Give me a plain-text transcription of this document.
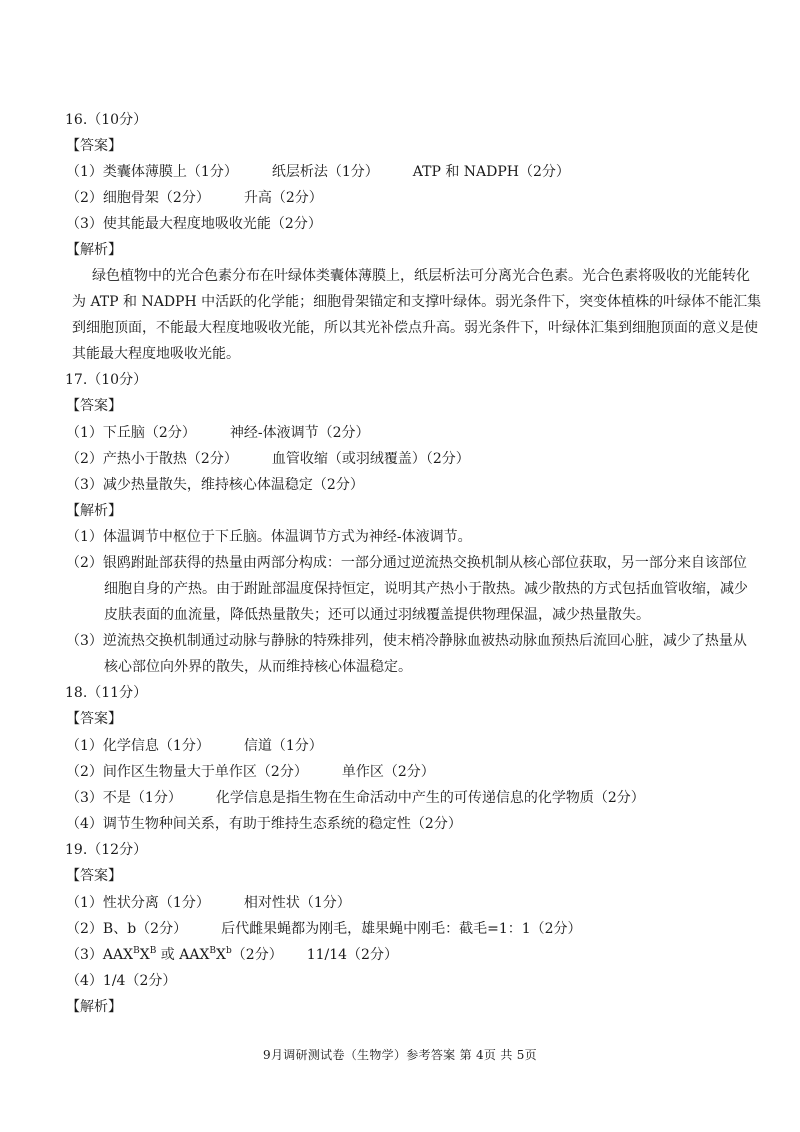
16.（10分）
【答案】
（1）类囊体薄膜上（1分） 纸层析法（1分） ATP 和 NADPH（2分）
（2）细胞骨架（2分） 升高（2分）
（3）使其能最大程度地吸收光能（2分）
【解析】
绿色植物中的光合色素分布在叶绿体类囊体薄膜上，纸层析法可分离光合色素。光合色素将吸收的光能转化
为 ATP 和 NADPH 中活跃的化学能；细胞骨架锚定和支撑叶绿体。弱光条件下，突变体植株的叶绿体不能汇集
到细胞顶面，不能最大程度地吸收光能，所以其光补偿点升高。弱光条件下，叶绿体汇集到细胞顶面的意义是使
其能最大程度地吸收光能。
17.（10分）
【答案】
（1）下丘脑（2分） 神经-体液调节（2分）
（2）产热小于散热（2分） 血管收缩（或羽绒覆盖）（2分）
（3）减少热量散失，维持核心体温稳定（2分）
【解析】
（1）体温调节中枢位于下丘脑。体温调节方式为神经-体液调节。
（2）银鸥跗趾部获得的热量由两部分构成：一部分通过逆流热交换机制从核心部位获取，另一部分来自该部位
细胞自身的产热。由于跗趾部温度保持恒定，说明其产热小于散热。减少散热的方式包括血管收缩，减少
皮肤表面的血流量，降低热量散失；还可以通过羽绒覆盖提供物理保温，减少热量散失。
（3）逆流热交换机制通过动脉与静脉的特殊排列，使末梢冷静脉血被热动脉血预热后流回心脏，减少了热量从
核心部位向外界的散失，从而维持核心体温稳定。
18.（11分）
【答案】
（1）化学信息（1分） 信道（1分）
（2）间作区生物量大于单作区（2分） 单作区（2分）
（3）不是（1分） 化学信息是指生物在生命活动中产生的可传递信息的化学物质（2分）
（4）调节生物种间关系，有助于维持生态系统的稳定性（2分）
19.（12分）
【答案】
（1）性状分离（1分） 相对性状（1分）
（2）B、b（2分） 后代雌果蝇都为刚毛，雄果蝇中刚毛：截毛=1：1（2分）
$(3)AAX^BX^B$ 或 $AAX^BX^b(2$分） 11/14（2分）
（4）1/4（2分）
【解析】
9月调研测试卷（生物学）参考答案 第 4页 共 5页
